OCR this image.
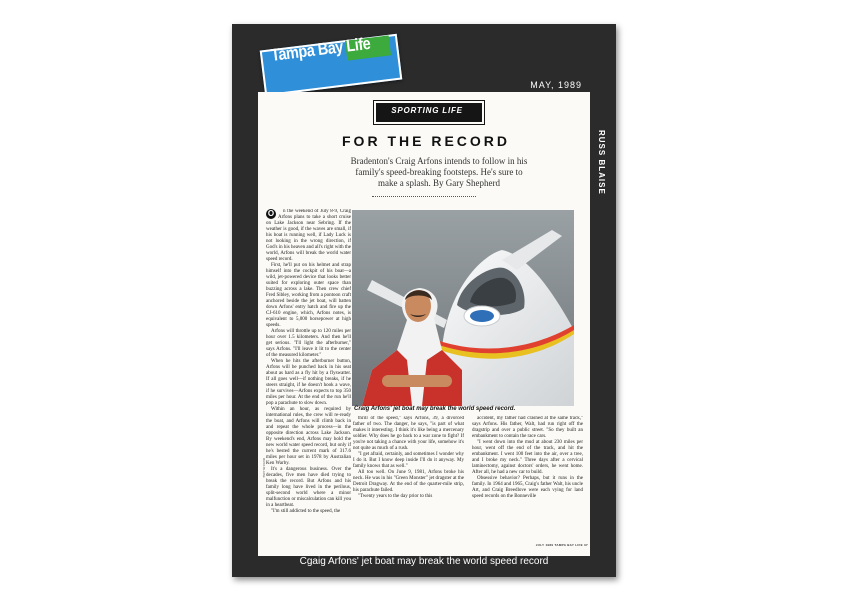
Tampa Bay Life
MAY, 1989
RUSS BLAISE
SPORTING LIFE
FOR THE RECORD
Bradenton's Craig Arfons intends to follow in his family's speed-breaking footsteps. He's sure to make a splash. By Gary Shepherd
O	n the weekend of July 8-9, Craig Arfons plans to take a short cruise on Lake Jackson near Sebring. If the weather is good, if the waves are small, if his boat is running well, if Lady Luck is not looking in the wrong direction, if God's in his heaven and all's right with the world, Arfons will break the world water speed record.

First, he'll put on his helmet and strap himself into the cockpit of his boat—a wild, jet-powered device that looks better suited for exploring outer space than buzzing across a lake. Then crew chief Fred Sibley, working from a pontoon craft anchored beside the jet boat, will batten down Arfons' entry hatch and fire up the CJ-610 engine, which, Arfons notes, is equivalent to 5,000 horsepower at high speeds.

Arfons will throttle up to 120 miles per hour over 1.5 kilometers. And then he'll get serious. "I'll light the afterburner," says Arfons. "I'll leave it lit to the center of the measured kilometer."

When he hits the afterburner button, Arfons will be punched back in his seat about as hard as a fly hit by a flyswatter. If all goes well—if nothing breaks, if he steers straight, if he doesn't hook a wave, if he survives—Arfons expects to top 350 miles per hour. At the end of the run he'll pop a parachute to slow down.

Within an hour, as required by international rules, the crew will re-ready the boat, and Arfons will climb back in and repeat the whole process—in the opposite direction across Lake Jackson. By weekend's end, Arfons may hold the new world water speed record, but only if he's bested the current mark of 317.6 miles per hour set in 1978 by Australian Ken Warby.

It's a dangerous business. Over the decades, five men have died trying to break the record. But Arfons and his family long have lived in the perilous, split-second world where a minor malfunction or miscalculation can kill you in a heartbeat.

"I'm still addicted to the speed, the

Craig Arfons' jet boat may break the world speed record.

thrill of the speed," says Arfons, 39, a divorced father of two. The danger, he says, "is part of what makes it interesting. I think it's like being a mercenary soldier. Why does he go back to a war zone to fight? If you're not taking a chance with your life, somehow it's not quite as much of a rush.

"I get afraid, certainly, and sometimes I wonder why I do it. But I know deep inside I'll do it anyway. My family knows that as well."

All too well. On June 9, 1981, Arfons broke his neck. He was in his "Green Monster" jet dragster at the Detroit Dragway. At the end of the quarter-mile strip, his parachute failed.

"Twenty years to the day prior to this

accident, my father had crashed at the same track," says Arfons. His father, Walt, had run right off the dragstrip and over a public street. "So they built an embankment to contain the race cars.

"I went down into the mud at about 230 miles per hour, went off the end of the track, and hit the embankment. I went 100 feet into the air, over a tree, and I broke my neck." Three days after a cervical laminectomy, against doctors' orders, he went home. After all, he had a new car to build.

Obsessive behavior? Perhaps, but it runs in the family. In 1964 and 1965, Craig's father Walt, his uncle Art, and Craig Breedlove were each vying for land speed records on the Bonneville

RUSS BLAISE
JULY 1989 TAMPA BAY LIFE 37
Cgaig Arfons' jet boat may break the world speed record
